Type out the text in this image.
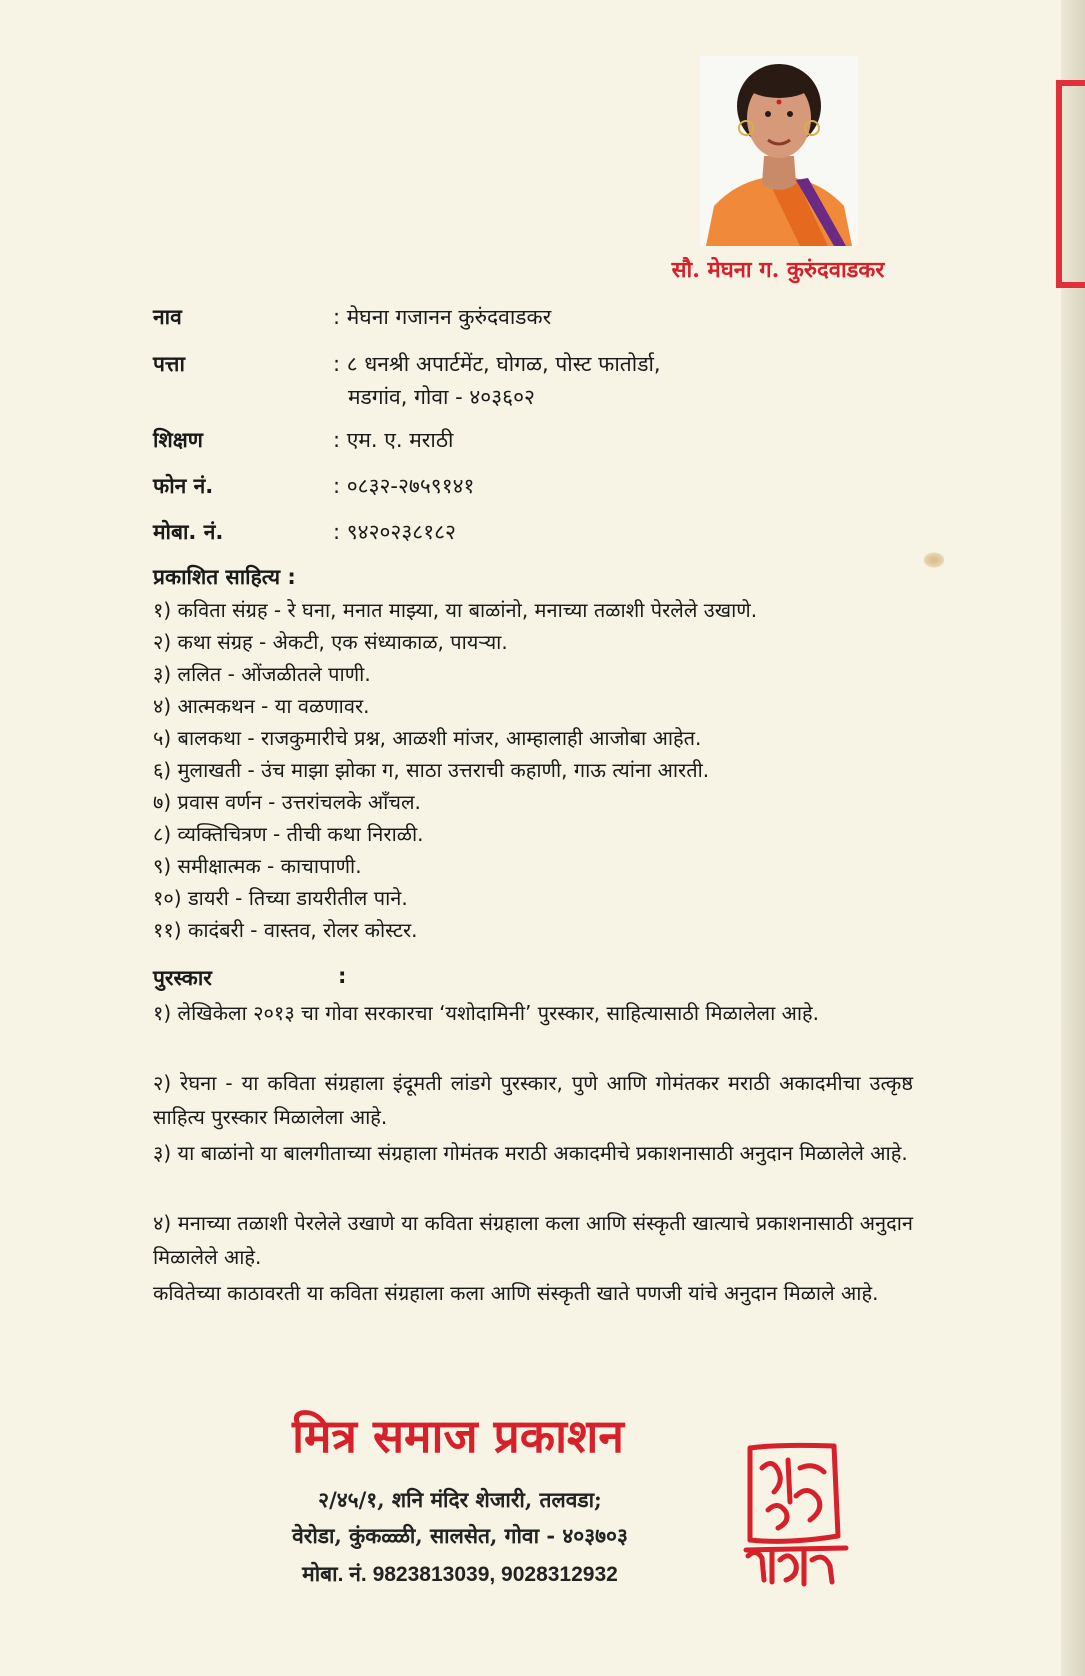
सौ. मेघना ग. कुरुंदवाडकर
नाव	: मेघना गजानन कुरुंदवाडकर
पत्ता	: ८ धनश्री अपार्टमेंट, घोगळ, पोस्ट फातोर्डा,
मडगांव, गोवा - ४०३६०२
शिक्षण	: एम. ए. मराठी
फोन नं.	: ०८३२-२७५९१४१
मोबा. नं.	: ९४२०२३८१८२
प्रकाशित साहित्य :
१) कविता संग्रह - रे घना, मनात माझ्या, या बाळांनो, मनाच्या तळाशी पेरलेले उखाणे.
२) कथा संग्रह - अेकटी, एक संध्याकाळ, पायऱ्या.
३) ललित - ओंजळीतले पाणी.
४) आत्मकथन - या वळणावर.
५) बालकथा - राजकुमारीचे प्रश्न, आळशी मांजर, आम्हालाही आजोबा आहेत.
६) मुलाखती - उंच माझा झोका ग, साठा उत्तराची कहाणी, गाऊ त्यांना आरती.
७) प्रवास वर्णन - उत्तरांचलके आँचल.
८) व्यक्तिचित्रण - तीची कथा निराळी.
९) समीक्षात्मक - काचापाणी.
१०) डायरी - तिच्या डायरीतील पाने.
११) कादंबरी - वास्तव, रोलर कोस्टर.
पुरस्कार	:

१) लेखिकेला २०१३ चा गोवा सरकारचा ‘यशोदामिनी’ पुरस्कार, साहित्यासाठी मिळालेला आहे.

२) रेघना - या कविता संग्रहाला इंदूमती लांडगे पुरस्कार, पुणे आणि गोमंतकर मराठी अकादमीचा उत्कृष्ठ साहित्य पुरस्कार मिळालेला आहे.

३) या बाळांनो या बालगीताच्या संग्रहाला गोमंतक मराठी अकादमीचे प्रकाशनासाठी अनुदान मिळालेले आहे.

४) मनाच्या तळाशी पेरलेले उखाणे या कविता संग्रहाला कला आणि संस्कृती खात्याचे प्रकाशनासाठी अनुदान मिळालेले आहे.

कवितेच्या काठावरती या कविता संग्रहाला कला आणि संस्कृती खाते पणजी यांचे अनुदान मिळाले आहे.

मित्र समाज प्रकाशन
२/४५/१, शनि मंदिर शेजारी, तलवडा;
वेरोडा, कुंकळ्ळी, सालसेत, गोवा - ४०३७०३
मोबा. नं. 9823813039, 9028312932
